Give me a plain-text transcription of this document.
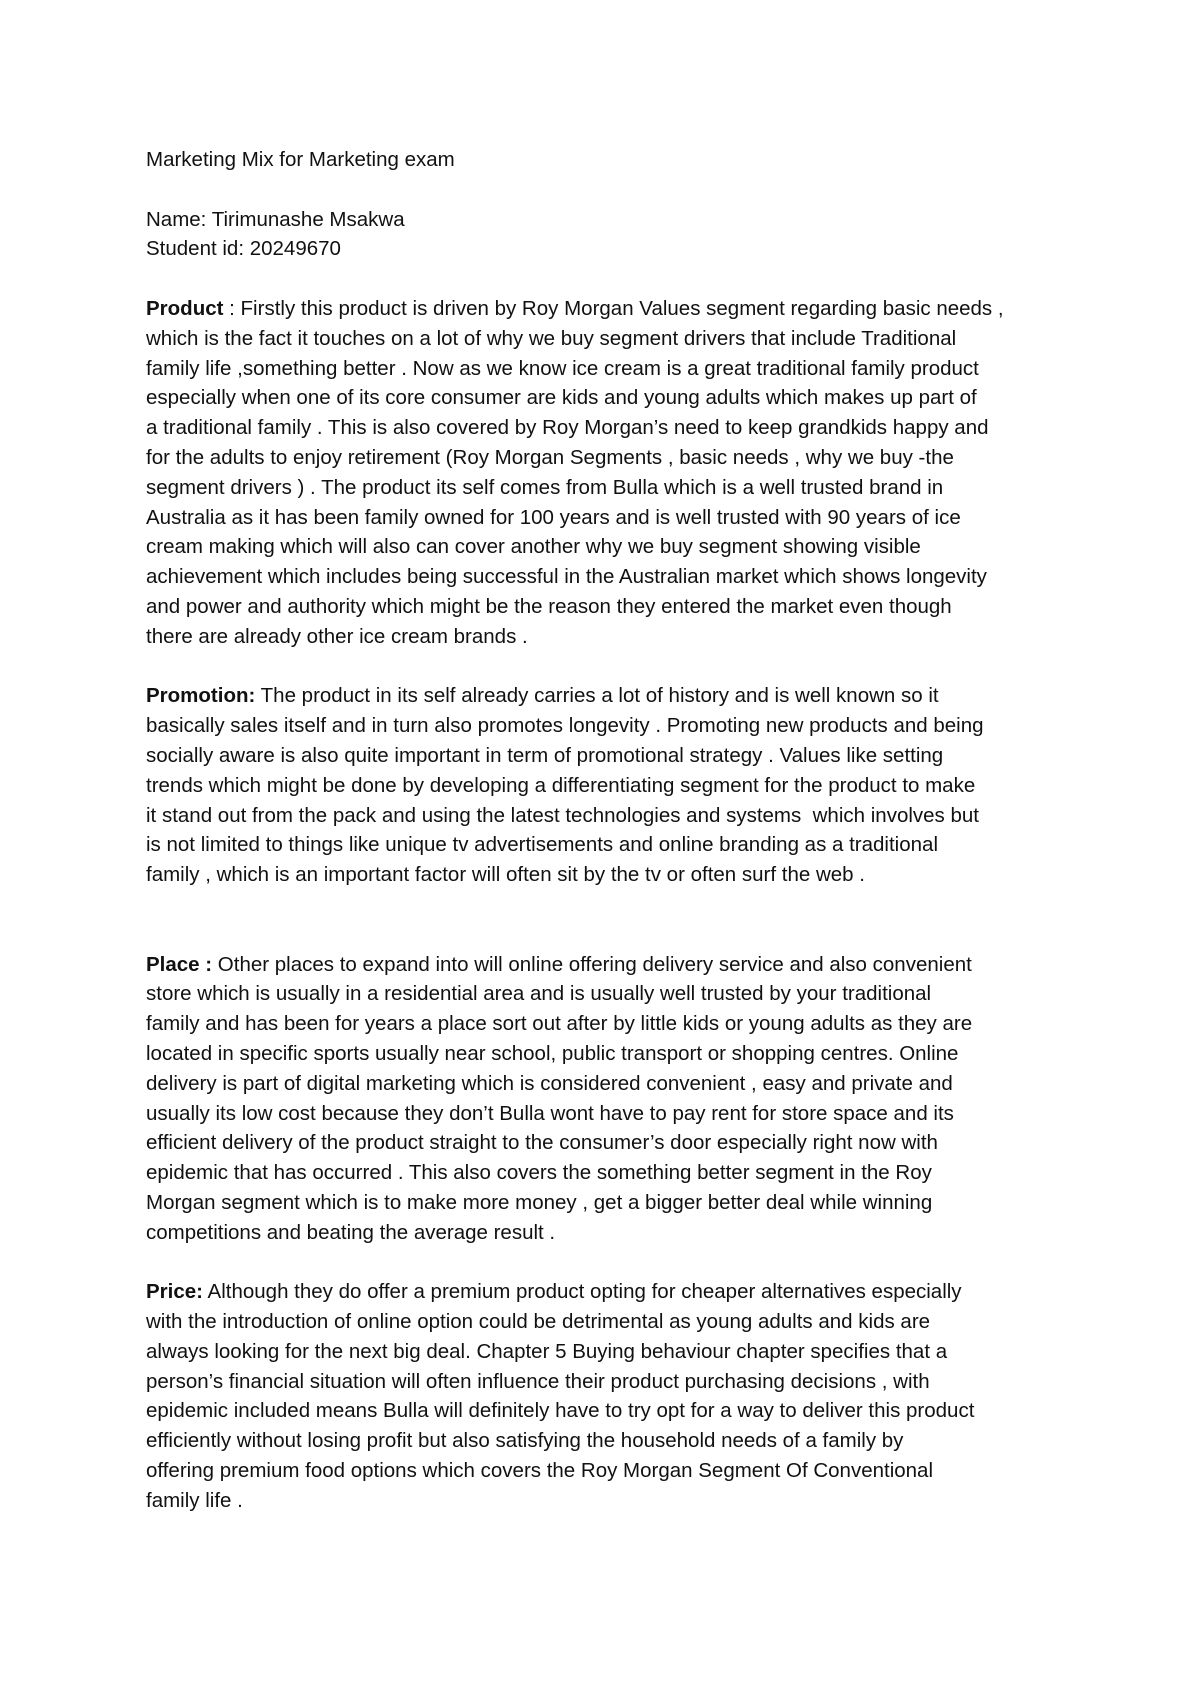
Marketing Mix for Marketing exam
Name: Tirimunashe Msakwa
Student id: 20249670
Product : Firstly this product is driven by Roy Morgan Values segment regarding basic needs ,
which is the fact it touches on a lot of why we buy segment drivers that include Traditional
family life ,something better . Now as we know ice cream is a great traditional family product
especially when one of its core consumer are kids and young adults which makes up part of
a traditional family . This is also covered by Roy Morgan’s need to keep grandkids happy and
for the adults to enjoy retirement (Roy Morgan Segments , basic needs , why we buy -the
segment drivers ) . The product its self comes from Bulla which is a well trusted brand in
Australia as it has been family owned for 100 years and is well trusted with 90 years of ice
cream making which will also can cover another why we buy segment showing visible
achievement which includes being successful in the Australian market which shows longevity
and power and authority which might be the reason they entered the market even though
there are already other ice cream brands .
Promotion: The product in its self already carries a lot of history and is well known so it
basically sales itself and in turn also promotes longevity . Promoting new products and being
socially aware is also quite important in term of promotional strategy . Values like setting
trends which might be done by developing a differentiating segment for the product to make
it stand out from the pack and using the latest technologies and systems  which involves but
is not limited to things like unique tv advertisements and online branding as a traditional
family , which is an important factor will often sit by the tv or often surf the web .
Place : Other places to expand into will online offering delivery service and also convenient
store which is usually in a residential area and is usually well trusted by your traditional
family and has been for years a place sort out after by little kids or young adults as they are
located in specific sports usually near school, public transport or shopping centres. Online
delivery is part of digital marketing which is considered convenient , easy and private and
usually its low cost because they don’t Bulla wont have to pay rent for store space and its
efficient delivery of the product straight to the consumer’s door especially right now with
epidemic that has occurred . This also covers the something better segment in the Roy
Morgan segment which is to make more money , get a bigger better deal while winning
competitions and beating the average result .
Price: Although they do offer a premium product opting for cheaper alternatives especially
with the introduction of online option could be detrimental as young adults and kids are
always looking for the next big deal. Chapter 5 Buying behaviour chapter specifies that a
person’s financial situation will often influence their product purchasing decisions , with
epidemic included means Bulla will definitely have to try opt for a way to deliver this product
efficiently without losing profit but also satisfying the household needs of a family by
offering premium food options which covers the Roy Morgan Segment Of Conventional
family life .
